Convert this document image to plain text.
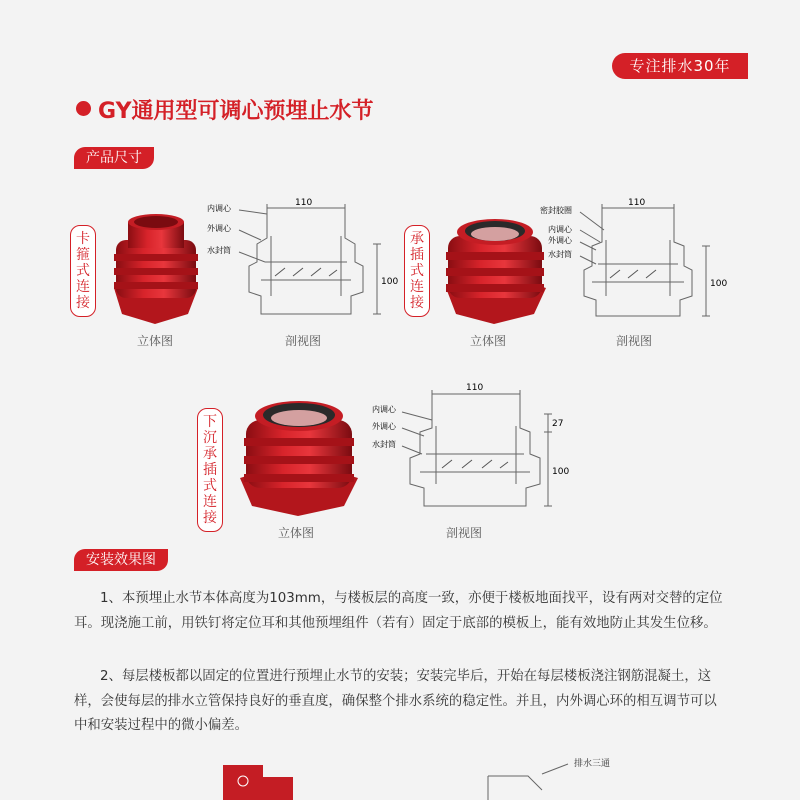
专注排水30年
GY通用型可调心预埋止水节
产品尺寸
卡箍式连接
立体图
110
100
内调心
外调心
水封筒
剖视图
承插式连接
立体图
110
100
密封胶圈
内调心
外调心
水封筒
剖视图
下沉承插式连接
立体图
110
27
100
内调心
外调心
水封筒
剖视图
安装效果图
1、本预埋止水节本体高度为103mm，与楼板层的高度一致，亦便于楼板地面找平，设有两对交替的定位耳。现浇施工前，用铁钉将定位耳和其他预埋组件（若有）固定于底部的模板上，能有效地防止其发生位移。
2、每层楼板都以固定的位置进行预埋止水节的安装；安装完毕后，开始在每层楼板浇注钢筋混凝土，这样，会使每层的排水立管保持良好的垂直度，确保整个排水系统的稳定性。并且，内外调心环的相互调节可以中和安装过程中的微小偏差。
排水三通
